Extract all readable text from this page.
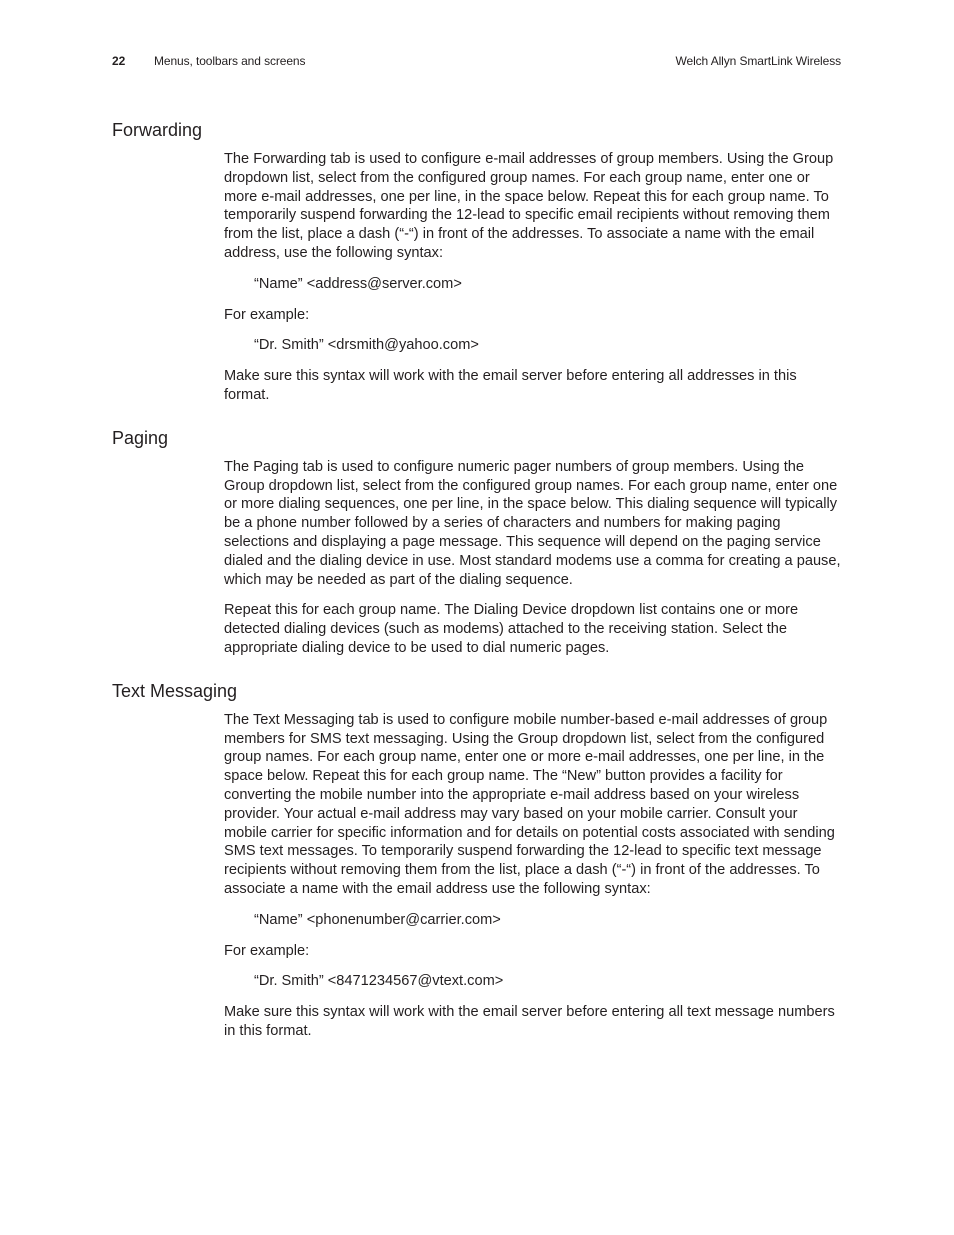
22 Menus, toolbars and screens	Welch Allyn SmartLink Wireless
Forwarding

The Forwarding tab is used to configure e-mail addresses of group members. Using the Group dropdown list, select from the configured group names. For each group name, enter one or more e-mail addresses, one per line, in the space below. Repeat this for each group name. To temporarily suspend forwarding the 12-lead to specific email recipients without removing them from the list, place a dash (“-“) in front of the addresses. To associate a name with the email address, use the following syntax:

“Name” <address@server.com>

For example:

“Dr. Smith” <drsmith@yahoo.com>

Make sure this syntax will work with the email server before entering all addresses in this format.

Paging

The Paging tab is used to configure numeric pager numbers of group members. Using the Group dropdown list, select from the configured group names. For each group name, enter one or more dialing sequences, one per line, in the space below. This dialing sequence will typically be a phone number followed by a series of characters and numbers for making paging selections and displaying a page message. This sequence will depend on the paging service dialed and the dialing device in use. Most standard modems use a comma for creating a pause, which may be needed as part of the dialing sequence.

Repeat this for each group name. The Dialing Device dropdown list contains one or more detected dialing devices (such as modems) attached to the receiving station. Select the appropriate dialing device to be used to dial numeric pages.

Text Messaging

The Text Messaging tab is used to configure mobile number-based e-mail addresses of group members for SMS text messaging. Using the Group dropdown list, select from the configured group names. For each group name, enter one or more e-mail addresses, one per line, in the space below. Repeat this for each group name. The “New” button provides a facility for converting the mobile number into the appropriate e-mail address based on your wireless provider. Your actual e-mail address may vary based on your mobile carrier. Consult your mobile carrier for specific information and for details on potential costs associated with sending SMS text messages. To temporarily suspend forwarding the 12-lead to specific text message recipients without removing them from the list, place a dash (“-“) in front of the addresses. To associate a name with the email address use the following syntax:

“Name” <phonenumber@carrier.com>

For example:

“Dr. Smith” <8471234567@vtext.com>

Make sure this syntax will work with the email server before entering all text message numbers in this format.
